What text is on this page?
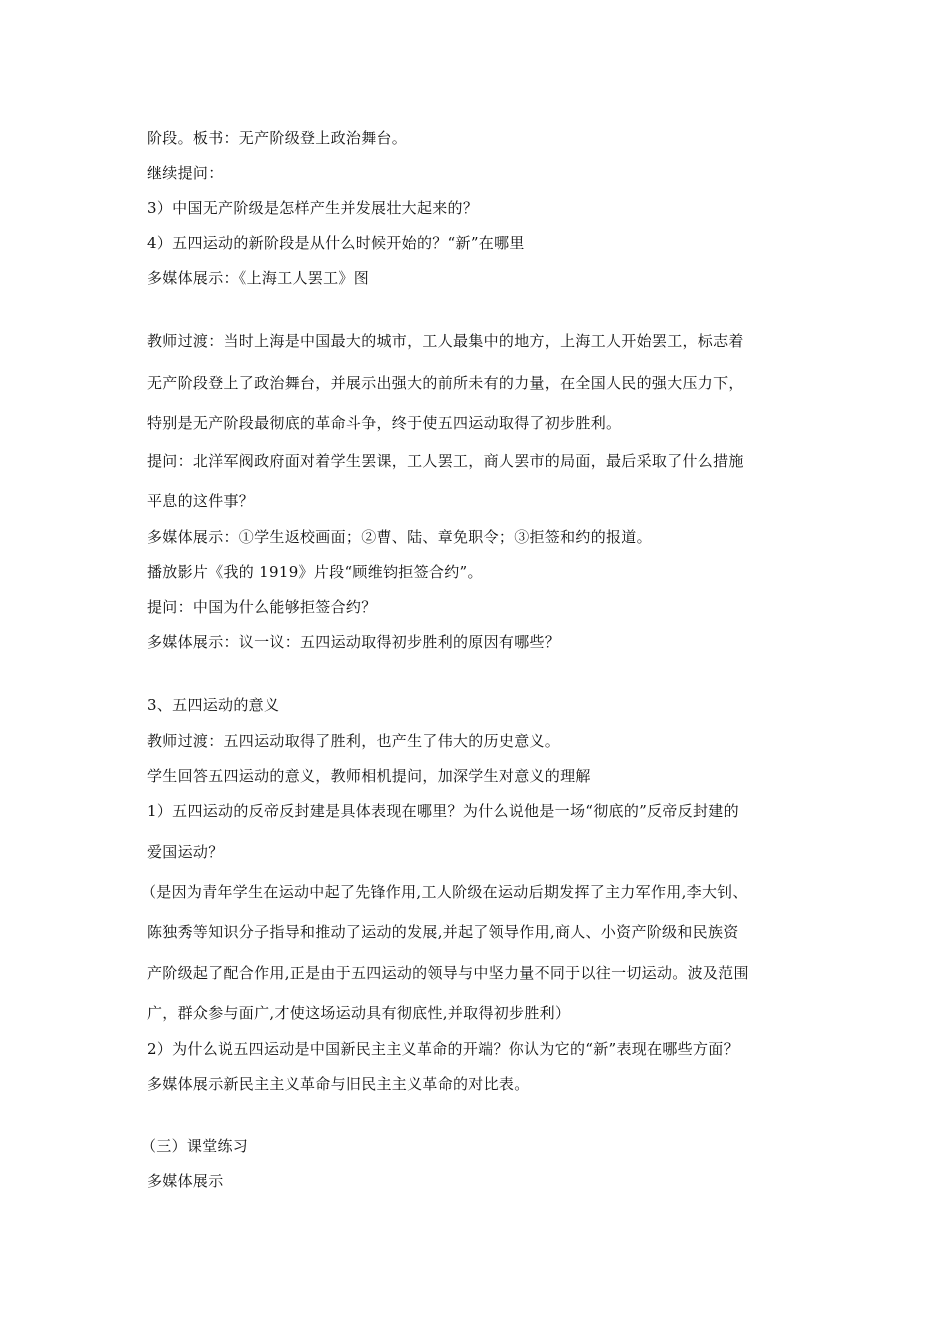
阶段。板书：无产阶级登上政治舞台。
继续提问：
3）中国无产阶级是怎样产生并发展壮大起来的？
4）五四运动的新阶段是从什么时候开始的？“新”在哪里
多媒体展示：《上海工人罢工》图
教师过渡：当时上海是中国最大的城市，工人最集中的地方，上海工人开始罢工，标志着
无产阶段登上了政治舞台，并展示出强大的前所未有的力量，在全国人民的强大压力下，
特别是无产阶段最彻底的革命斗争，终于使五四运动取得了初步胜利。
提问：北洋军阀政府面对着学生罢课，工人罢工，商人罢市的局面，最后采取了什么措施
平息的这件事？
多媒体展示：①学生返校画面；②曹、陆、章免职令；③拒签和约的报道。
播放影片《我的 1919》片段“顾维钧拒签合约”。
提问：中国为什么能够拒签合约？
多媒体展示：议一议：五四运动取得初步胜利的原因有哪些？
3、五四运动的意义
教师过渡：五四运动取得了胜利，也产生了伟大的历史意义。
学生回答五四运动的意义，教师相机提问，加深学生对意义的理解
1）五四运动的反帝反封建是具体表现在哪里？为什么说他是一场“彻底的”反帝反封建的
爱国运动？
（是因为青年学生在运动中起了先锋作用,工人阶级在运动后期发挥了主力军作用,李大钊、
陈独秀等知识分子指导和推动了运动的发展,并起了领导作用,商人、小资产阶级和民族资
产阶级起了配合作用,正是由于五四运动的领导与中坚力量不同于以往一切运动。波及范围
广，群众参与面广,才使这场运动具有彻底性,并取得初步胜利）
2）为什么说五四运动是中国新民主主义革命的开端？你认为它的“新”表现在哪些方面？
多媒体展示新民主主义革命与旧民主主义革命的对比表。
（三）课堂练习
多媒体展示
